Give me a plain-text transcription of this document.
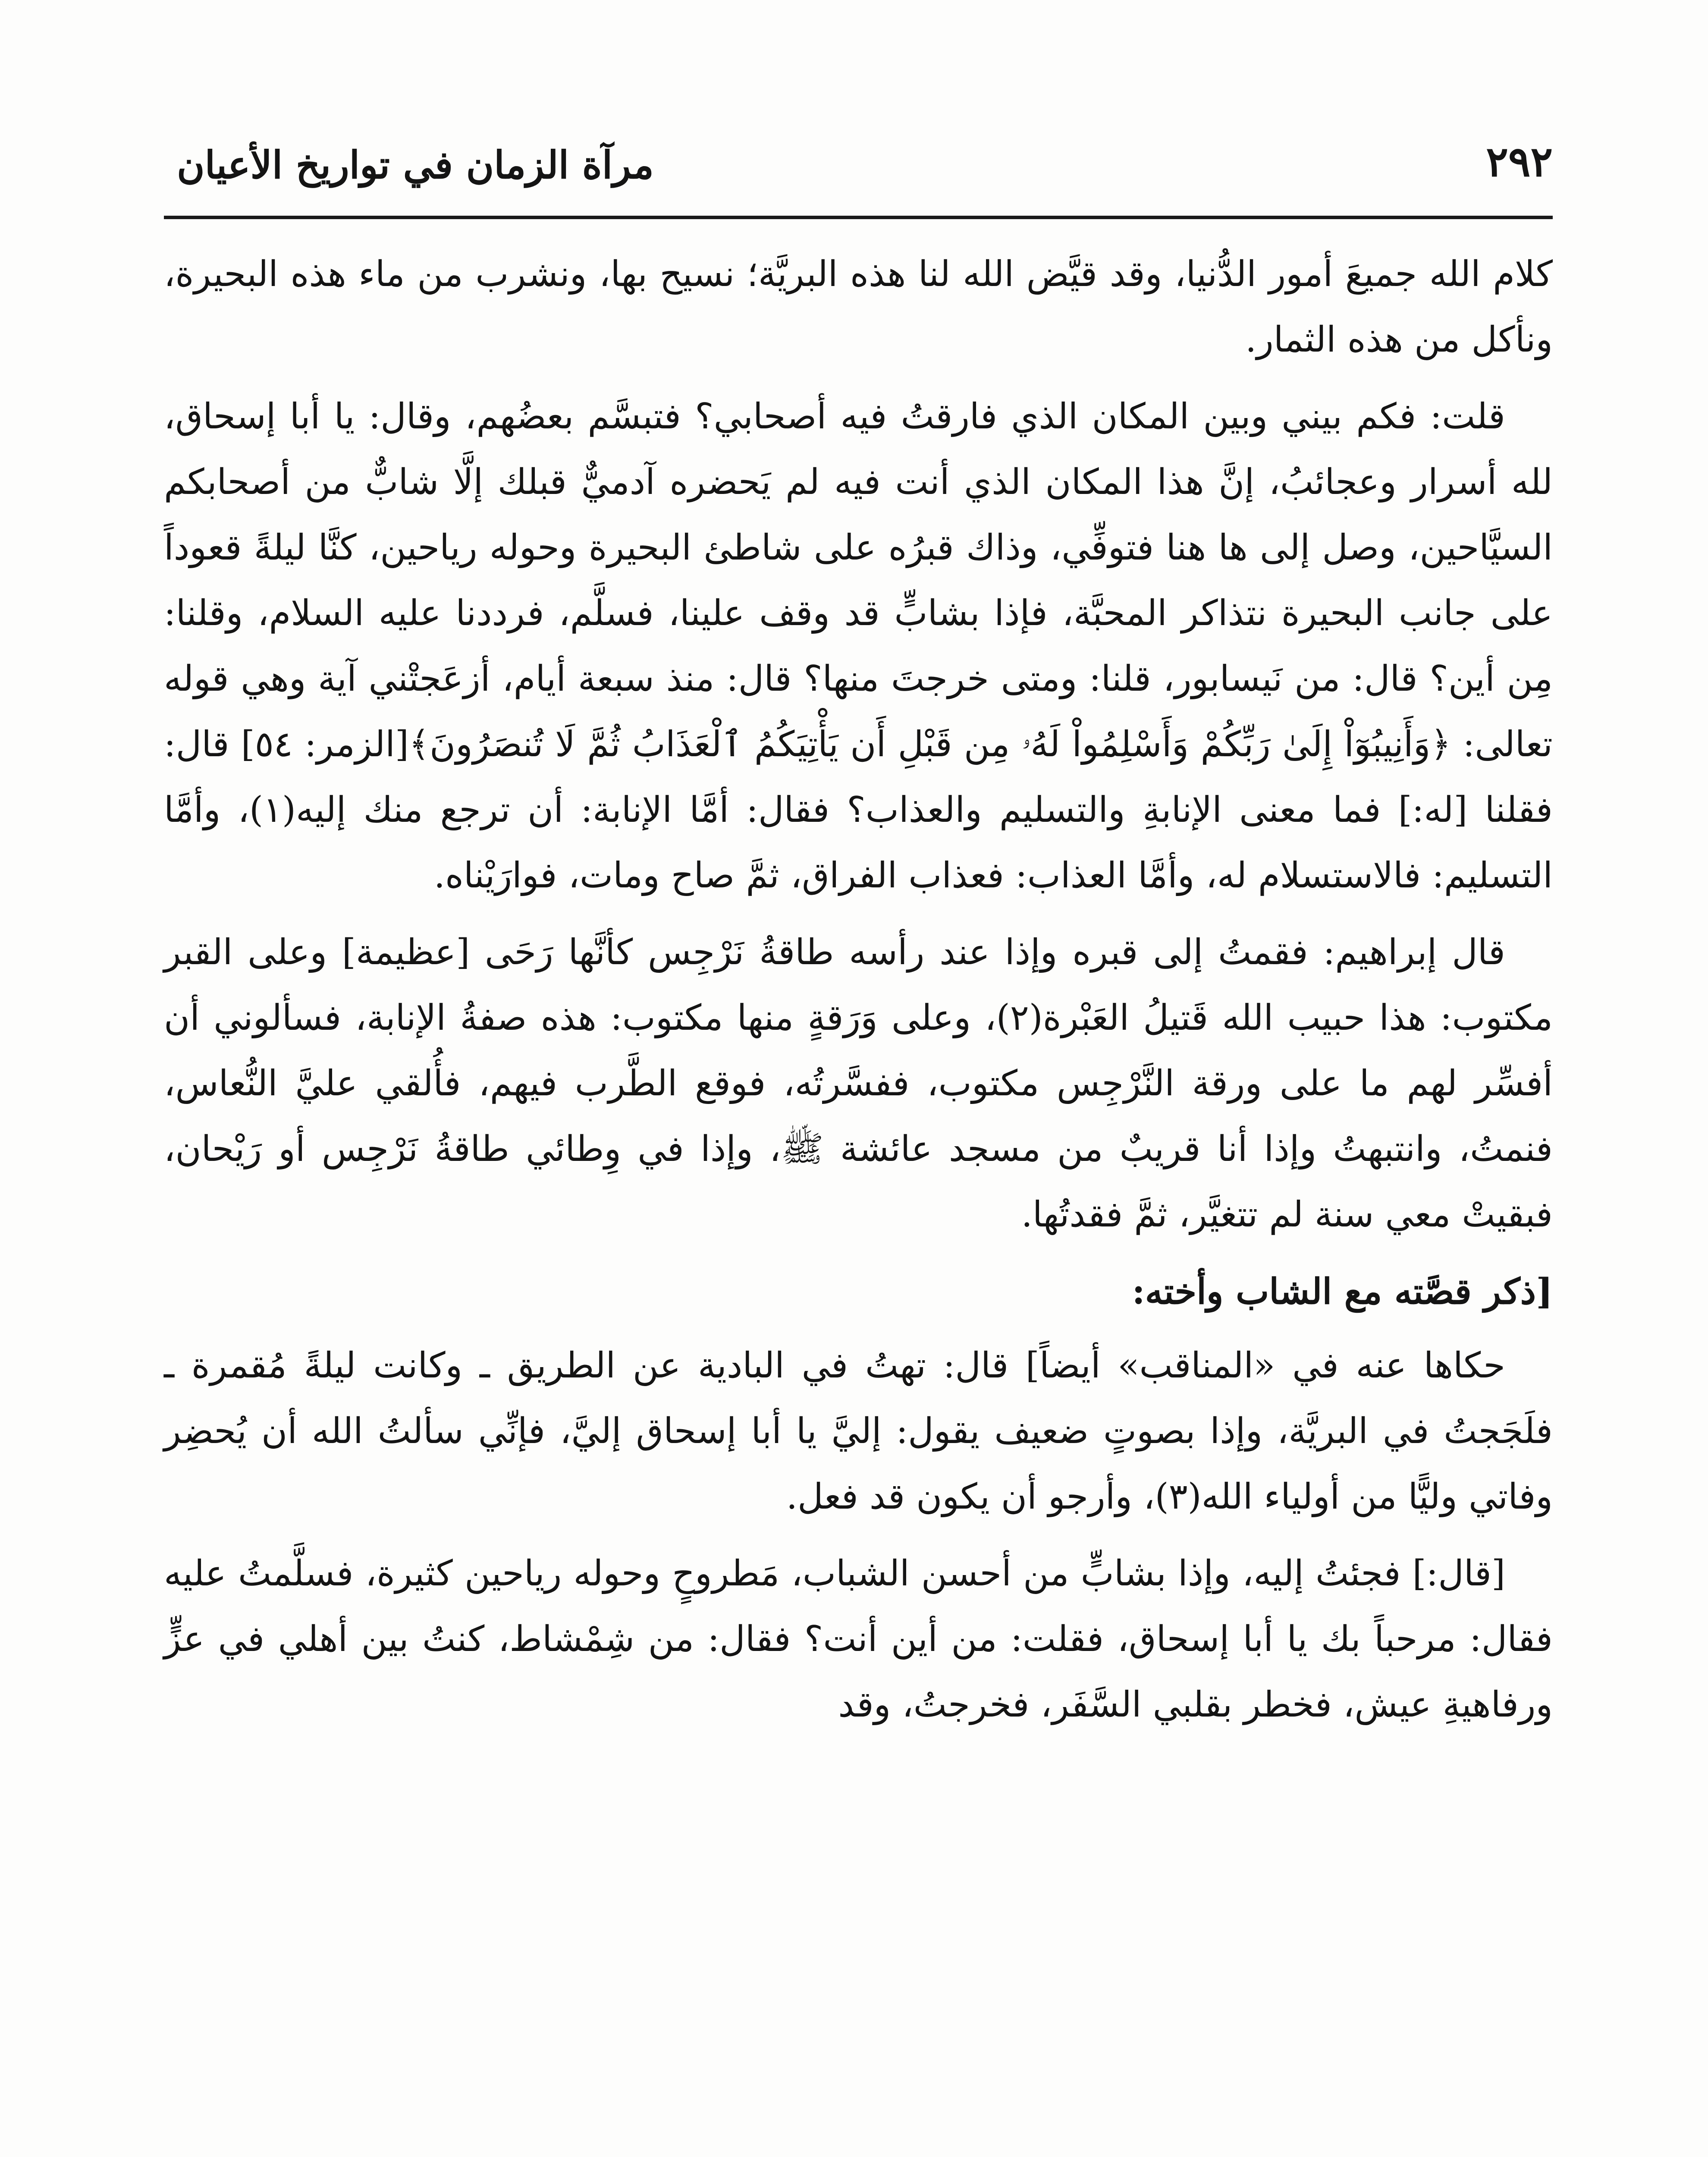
٢٩٢
مرآة الزمان في تواريخ الأعيان

كلام الله جميعَ أمور الدُّنيا، وقد قيَّض الله لنا هذه البريَّة؛ نسيح بها، ونشرب من ماء هذه البحيرة، ونأكل من هذه الثمار.

قلت: فكم بيني وبين المكان الذي فارقتُ فيه أصحابي؟ فتبسَّم بعضُهم، وقال: يا أبا إسحاق، لله أسرار وعجائبُ، إنَّ هذا المكان الذي أنت فيه لم يَحضره آدميٌّ قبلك إلَّا شابٌّ من أصحابكم السيَّاحين، وصل إلى ها هنا فتوفِّي، وذاك قبرُه على شاطئ البحيرة وحوله رياحين، كنَّا ليلةً قعوداً على جانب البحيرة نتذاكر المحبَّة، فإذا بشابٍّ قد وقف علينا، فسلَّم، فرددنا عليه السلام، وقلنا: مِن أين؟ قال: من نَيسابور، قلنا: ومتى خرجتَ منها؟ قال: منذ سبعة أيام، أزعَجتْني آية وهي قوله تعالى: ﴿وَأَنِيبُوٓاْ إِلَىٰ رَبِّكُمْ وَأَسْلِمُواْ لَهُۥ مِن قَبْلِ أَن يَأْتِيَكُمُ ٱلْعَذَابُ ثُمَّ لَا تُنصَرُونَ﴾[الزمر: ٥٤] قال: فقلنا [له:] فما معنى الإنابةِ والتسليم والعذاب؟ فقال: أمَّا الإنابة: أن ترجع منك إليه(١)، وأمَّا التسليم: فالاستسلام له، وأمَّا العذاب: فعذاب الفراق، ثمَّ صاح ومات، فوارَيْناه.

قال إبراهيم: فقمتُ إلى قبره وإذا عند رأسه طاقةُ نَرْجِس كأنَّها رَحَى [عظيمة] وعلى القبر مكتوب: هذا حبيب الله قَتيلُ العَبْرة(٢)، وعلى وَرَقةٍ منها مكتوب: هذه صفةُ الإنابة، فسألوني أن أفسِّر لهم ما على ورقة النَّرْجِس مكتوب، ففسَّرتُه، فوقع الطَّرب فيهم، فأُلقي عليَّ النُّعاس، فنمتُ، وانتبهتُ وإذا أنا قريبٌ من مسجد عائشة ﷺ، وإذا في وِطائي طاقةُ نَرْجِس أو رَيْحان، فبقيتْ معي سنة لم تتغيَّر، ثمَّ فقدتُها.

[ذكر قصَّته مع الشاب وأخته:

حكاها عنه في «المناقب» أيضاً] قال: تهتُ في البادية عن الطريق ـ وكانت ليلةً مُقمرة ـ فلَجَجتُ في البريَّة، وإذا بصوتٍ ضعيف يقول: إليَّ يا أبا إسحاق إليَّ، فإنِّي سألتُ الله أن يُحضِر وفاتي وليًّا من أولياء الله(٣)، وأرجو أن يكون قد فعل.

[قال:] فجئتُ إليه، وإذا بشابٍّ من أحسن الشباب، مَطروحٍ وحوله رياحين كثيرة، فسلَّمتُ عليه فقال: مرحباً بك يا أبا إسحاق، فقلت: من أين أنت؟ فقال: من شِمْشاط، كنتُ بين أهلي في عزٍّ ورفاهيةِ عيش، فخطر بقلبي السَّفَر، فخرجتُ، وقد
